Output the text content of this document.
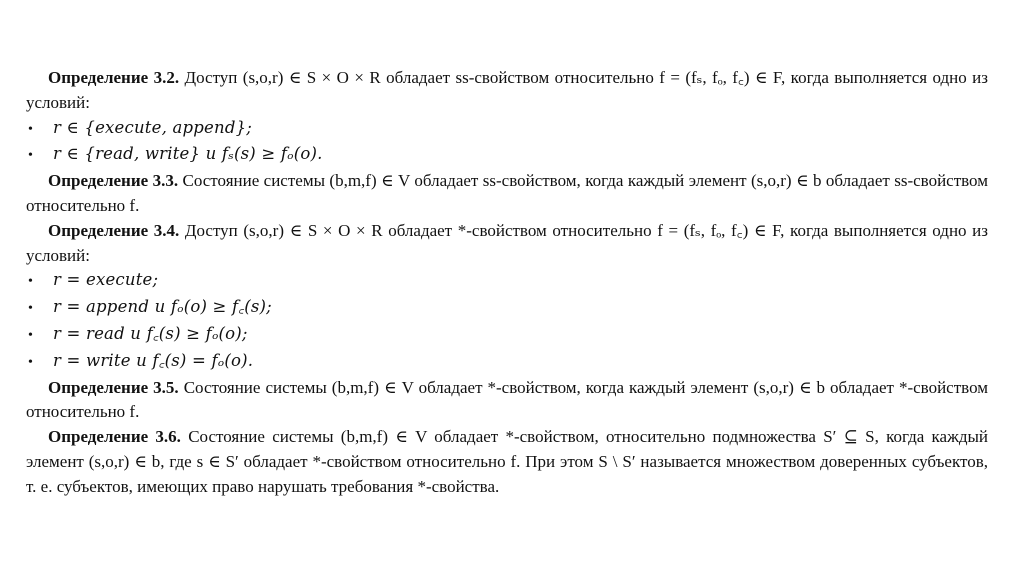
Определение 3.2. Доступ (s,o,r) ∈ S × O × R обладает ss-свойством относительно f = (fₛ, fₒ, f꜀) ∈ F, когда выполняется одно из условий:

•	r ∈ {execute, append};
•	r ∈ {read, write} и fₛ(s) ≥ fₒ(o).

Определение 3.3. Состояние системы (b,m,f) ∈ V обладает ss-свойством, когда каждый элемент (s,o,r) ∈ b обладает ss-свойством относительно f.

Определение 3.4. Доступ (s,o,r) ∈ S × O × R обладает *-свойством относительно f = (fₛ, fₒ, f꜀) ∈ F, когда выполняется одно из условий:

•	r = execute;
•	r = append и fₒ(o) ≥ f꜀(s);
•	r = read и f꜀(s) ≥ fₒ(o);
•	r = write и f꜀(s) = fₒ(o).

Определение 3.5. Состояние системы (b,m,f) ∈ V обладает *-свойством, когда каждый элемент (s,o,r) ∈ b обладает *-свойством относительно f.

Определение 3.6. Состояние системы (b,m,f) ∈ V обладает *-свойством, относительно подмножества S′ ⊆ S, когда каждый элемент (s,o,r) ∈ b, где s ∈ S′ обладает *-свойством относительно f. При этом S \ S′ называется множеством доверенных субъектов, т. е. субъектов, имеющих право нарушать требования *-свойства.
